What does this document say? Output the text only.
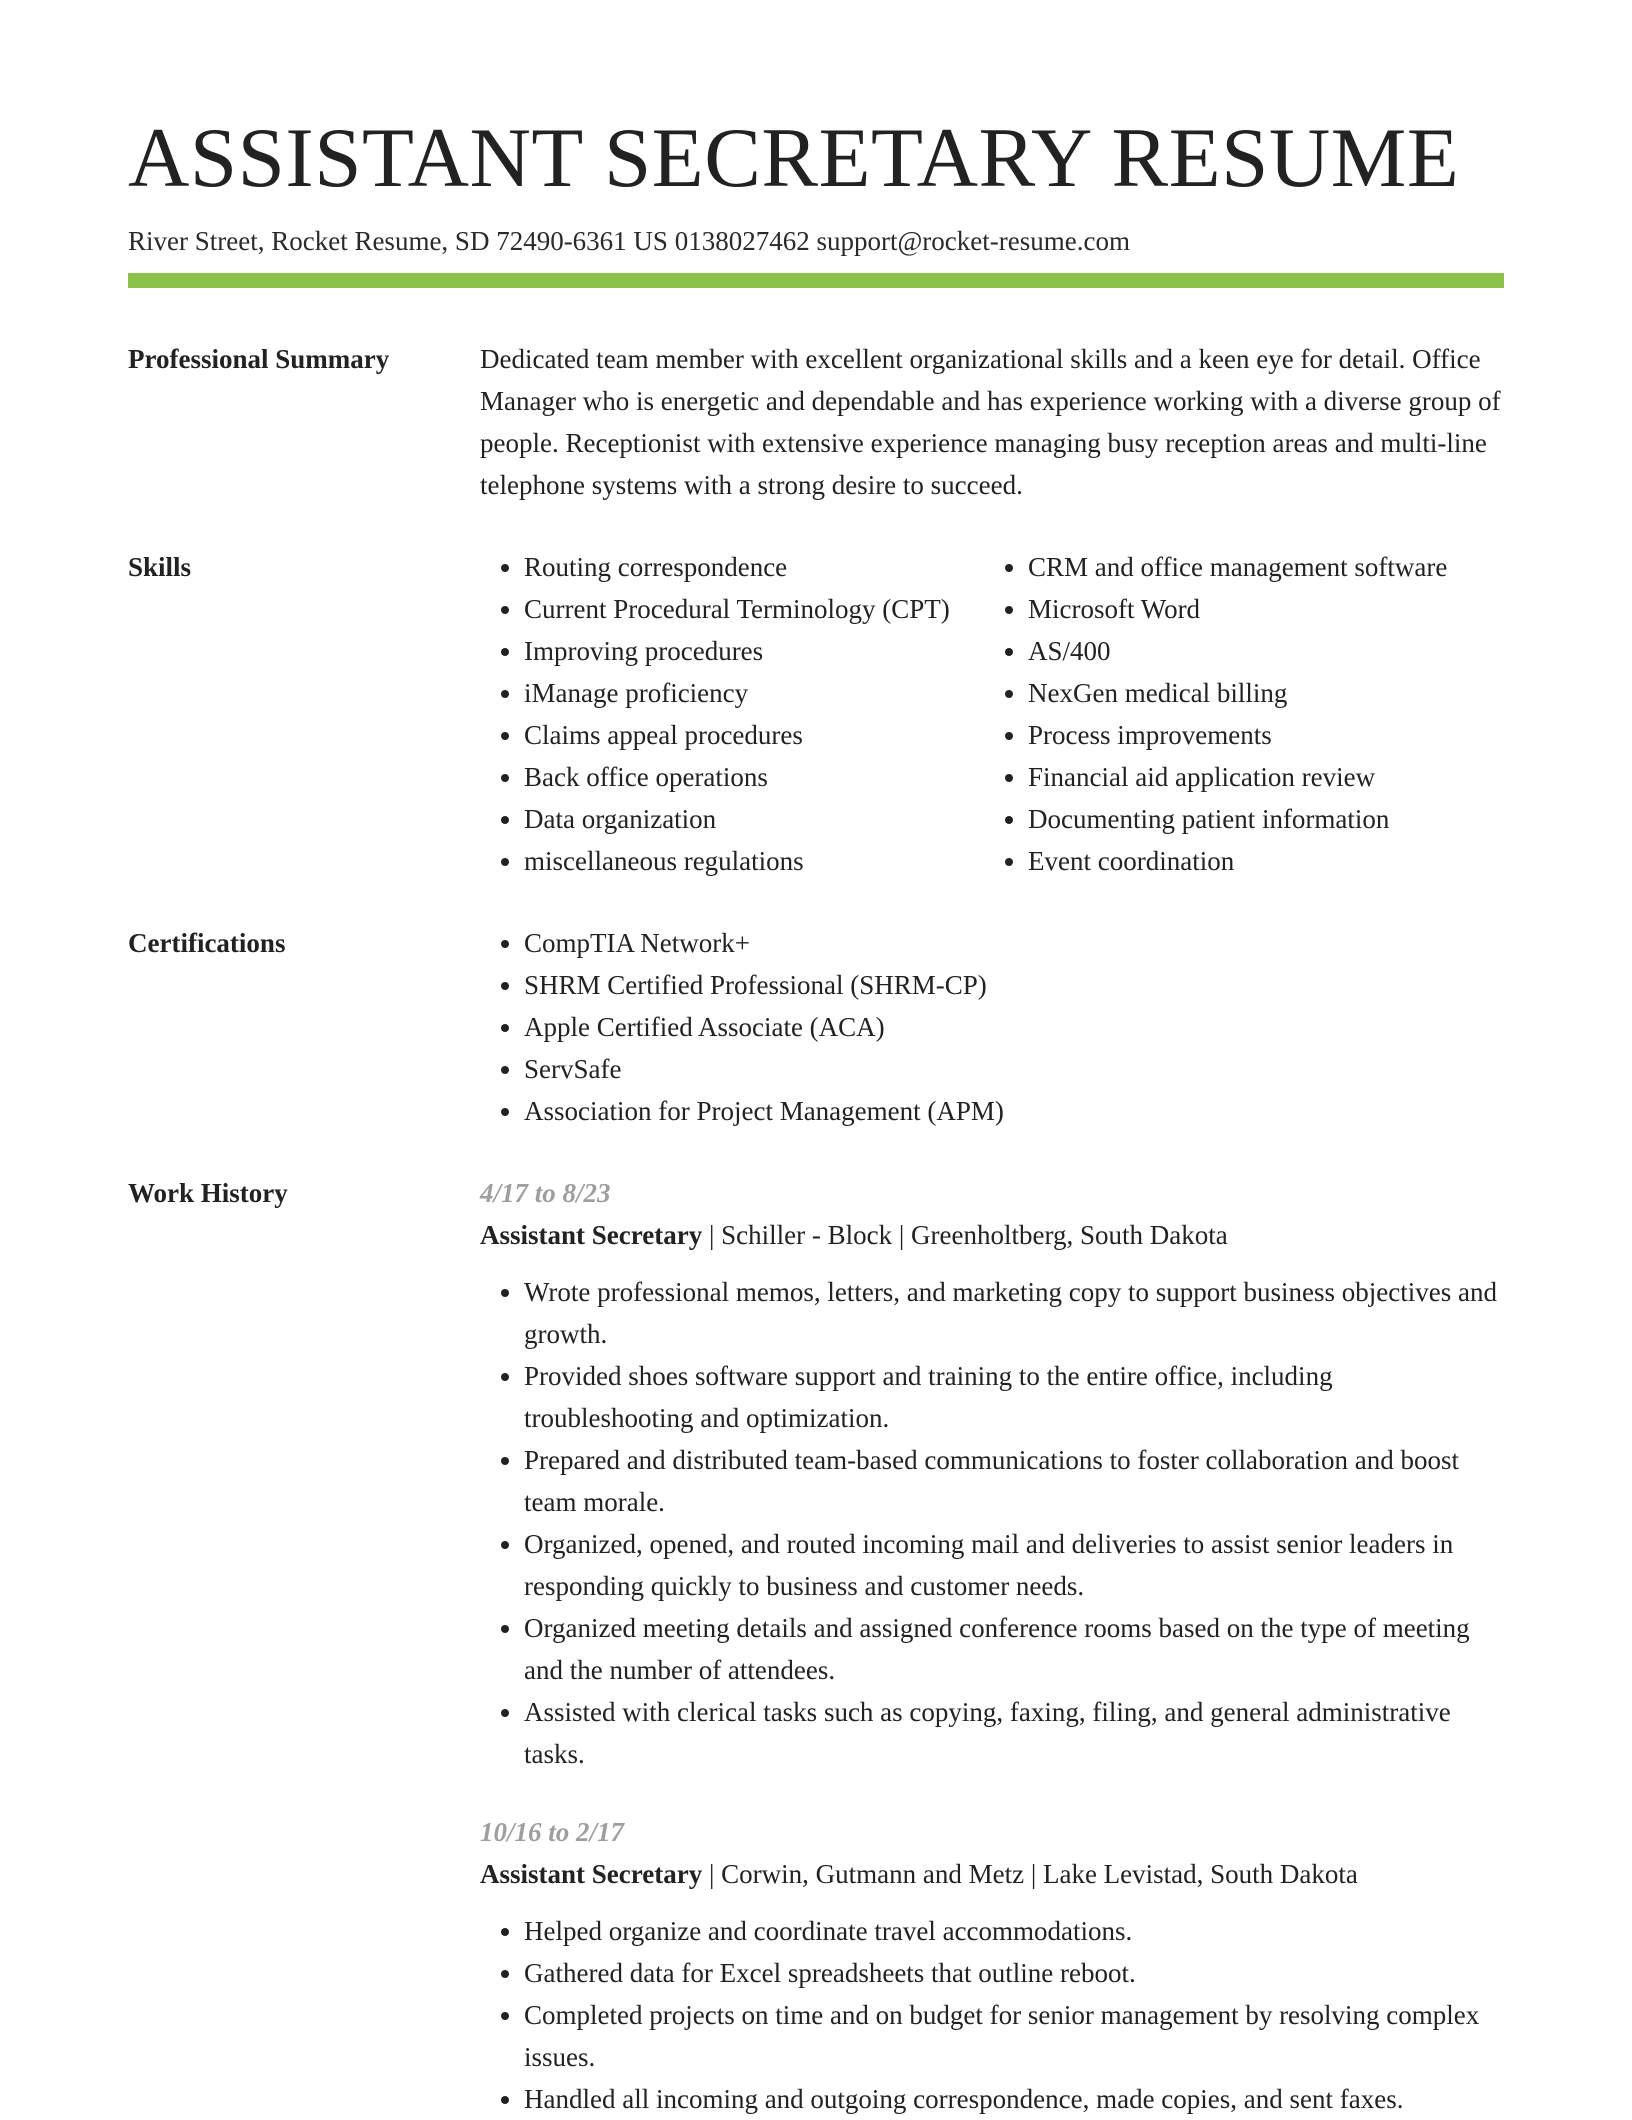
ASSISTANT SECRETARY RESUME
River Street, Rocket Resume, SD 72490-6361 US 0138027462 support@rocket-resume.com
Professional Summary	Dedicated team member with excellent organizational skills and a keen eye for detail. Office Manager who is energetic and dependable and has experience working with a diverse group of people. Receptionist with extensive experience managing busy reception areas and multi-line telephone systems with a strong desire to succeed.

Skills	• Routing correspondence
• Current Procedural Terminology (CPT)
• Improving procedures
• iManage proficiency
• Claims appeal procedures
• Back office operations
• Data organization
• miscellaneous regulations
• CRM and office management software
• Microsoft Word
• AS/400
• NexGen medical billing
• Process improvements
• Financial aid application review
• Documenting patient information
• Event coordination
Certifications	• CompTIA Network+
• SHRM Certified Professional (SHRM-CP)
• Apple Certified Associate (ACA)
• ServSafe
• Association for Project Management (APM)
Work History	4/17 to 8/23
Assistant Secretary | Schiller - Block | Greenholtberg, South Dakota
• Wrote professional memos, letters, and marketing copy to support business objectives and growth.
• Provided shoes software support and training to the entire office, including troubleshooting and optimization.
• Prepared and distributed team-based communications to foster collaboration and boost team morale.
• Organized, opened, and routed incoming mail and deliveries to assist senior leaders in responding quickly to business and customer needs.
• Organized meeting details and assigned conference rooms based on the type of meeting and the number of attendees.
• Assisted with clerical tasks such as copying, faxing, filing, and general administrative tasks.
10/16 to 2/17
Assistant Secretary | Corwin, Gutmann and Metz | Lake Levistad, South Dakota
• Helped organize and coordinate travel accommodations.
• Gathered data for Excel spreadsheets that outline reboot.
• Completed projects on time and on budget for senior management by resolving complex issues.
• Handled all incoming and outgoing correspondence, made copies, and sent faxes.
